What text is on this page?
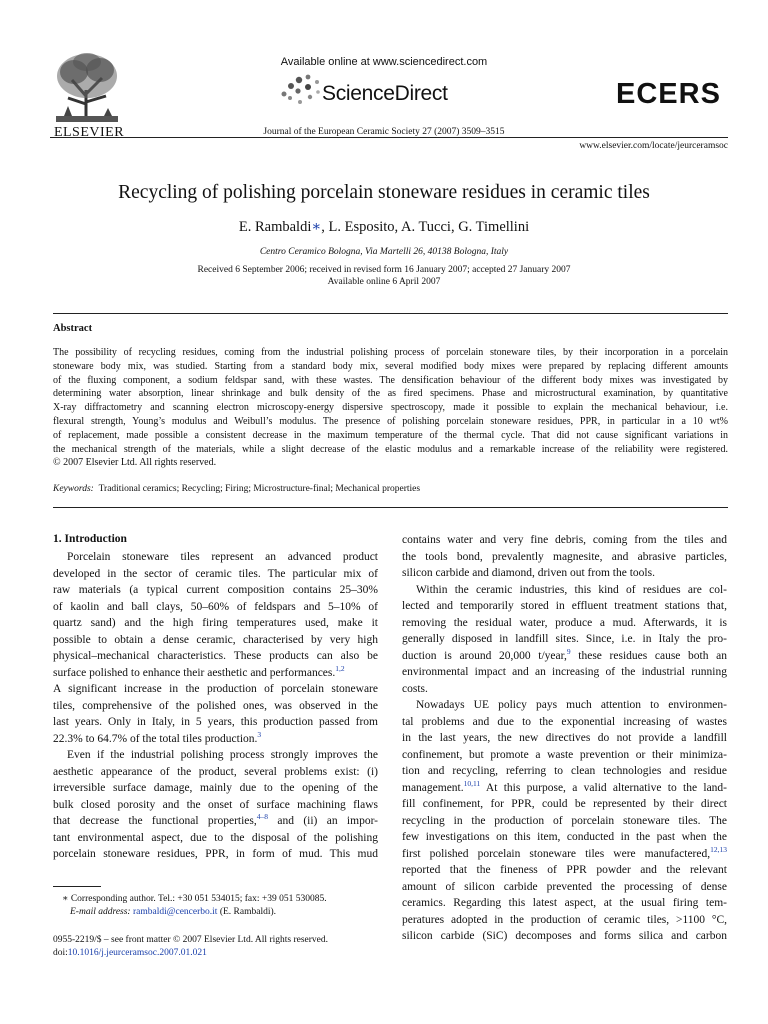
ELSEVIER
Available online at www.sciencedirect.com
ScienceDirect
Journal of the European Ceramic Society 27 (2007) 3509–3515
ECERS
www.elsevier.com/locate/jeurceramsoc
Recycling of polishing porcelain stoneware residues in ceramic tiles
E. Rambaldi∗, L. Esposito, A. Tucci, G. Timellini
Centro Ceramico Bologna, Via Martelli 26, 40138 Bologna, Italy
Received 6 September 2006; received in revised form 16 January 2007; accepted 27 January 2007
Available online 6 April 2007
Abstract
The possibility of recycling residues, coming from the industrial polishing process of porcelain stoneware tiles, by their incorporation in a porcelain
stoneware body mix, was studied. Starting from a standard body mix, several modified body mixes were prepared by replacing different amounts
of the fluxing component, a sodium feldspar sand, with these wastes. The densification behaviour of the different body mixes was investigated by
determining water absorption, linear shrinkage and bulk density of the as fired specimens. Phase and microstructural examination, by quantitative
X-ray diffractometry and scanning electron microscopy-energy dispersive spectroscopy, made it possible to explain the mechanical behaviour, i.e.
flexural strength, Young’s modulus and Weibull’s modulus. The presence of polishing porcelain stoneware residues, PPR, in particular in a 10 wt%
of replacement, made possible a consistent decrease in the maximum temperature of the thermal cycle. That did not cause significant variations in
the mechanical strength of the materials, while a slight decrease of the elastic modulus and a remarkable increase of the reliability were registered.
© 2007 Elsevier Ltd. All rights reserved.
Keywords: Traditional ceramics; Recycling; Firing; Microstructure-final; Mechanical properties
1. Introduction
Porcelain stoneware tiles represent an advanced product
developed in the sector of ceramic tiles. The particular mix of
raw materials (a typical current composition contains 25–30%
of kaolin and ball clays, 50–60% of feldspars and 5–10% of
quartz sand) and the high firing temperatures used, make it
possible to obtain a dense ceramic, characterised by very high
physical–mechanical characteristics. These products can also be
surface polished to enhance their aesthetic and performances.$^{1,2}$
A significant increase in the production of porcelain stoneware
tiles, comprehensive of the polished ones, was observed in the
last years. Only in Italy, in 5 years, this production passed from
22.3% to 64.7% of the total tiles production.$^3$
Even if the industrial polishing process strongly improves the
aesthetic appearance of the product, several problems exist: (i)
irreversible surface damage, mainly due to the opening of the
bulk closed porosity and the onset of surface machining flaws
that decrease the functional properties,$^{4-8}$ and (ii) an impor-
tant environmental aspect, due to the disposal of the polishing
porcelain stoneware residues, PPR, in form of mud. This mud
contains water and very fine debris, coming from the tiles and
the tools bond, prevalently magnesite, and abrasive particles,
silicon carbide and diamond, driven out from the tools.
Within the ceramic industries, this kind of residues are col-
lected and temporarily stored in effluent treatment stations that,
removing the residual water, produce a mud. Afterwards, it is
generally disposed in landfill sites. Since, i.e. in Italy the pro-
duction is around 20,000 t/year,$^9$ these residues cause both an
environmental impact and an increasing of the industrial running
costs.
Nowadays UE policy pays much attention to environmen-
tal problems and due to the exponential increasing of wastes
in the last years, the new directives do not provide a landfill
confinement, but promote a waste prevention or their minimiza-
tion and recycling, referring to clean technologies and residue
management.$^{10,11}$ At this purpose, a valid alternative to the land-
fill confinement, for PPR, could be represented by their direct
recycling in the production of porcelain stoneware tiles. The
few investigations on this item, conducted in the past when the
first polished porcelain stoneware tiles were manufactered,$^{12,13}$
reported that the fineness of PPR powder and the relevant
amount of silicon carbide prevented the processing of dense
ceramics. Regarding this latest aspect, at the usual firing tem-
peratures adopted in the production of ceramic tiles, >1100 °C,
silicon carbide (SiC) decomposes and forms silica and carbon
∗ Corresponding author. Tel.: +30 051 534015; fax: +39 051 530085.
E-mail address: rambaldi@cencerbo.it (E. Rambaldi).
0955-2219/$ – see front matter © 2007 Elsevier Ltd. All rights reserved.
doi:10.1016/j.jeurceramsoc.2007.01.021
